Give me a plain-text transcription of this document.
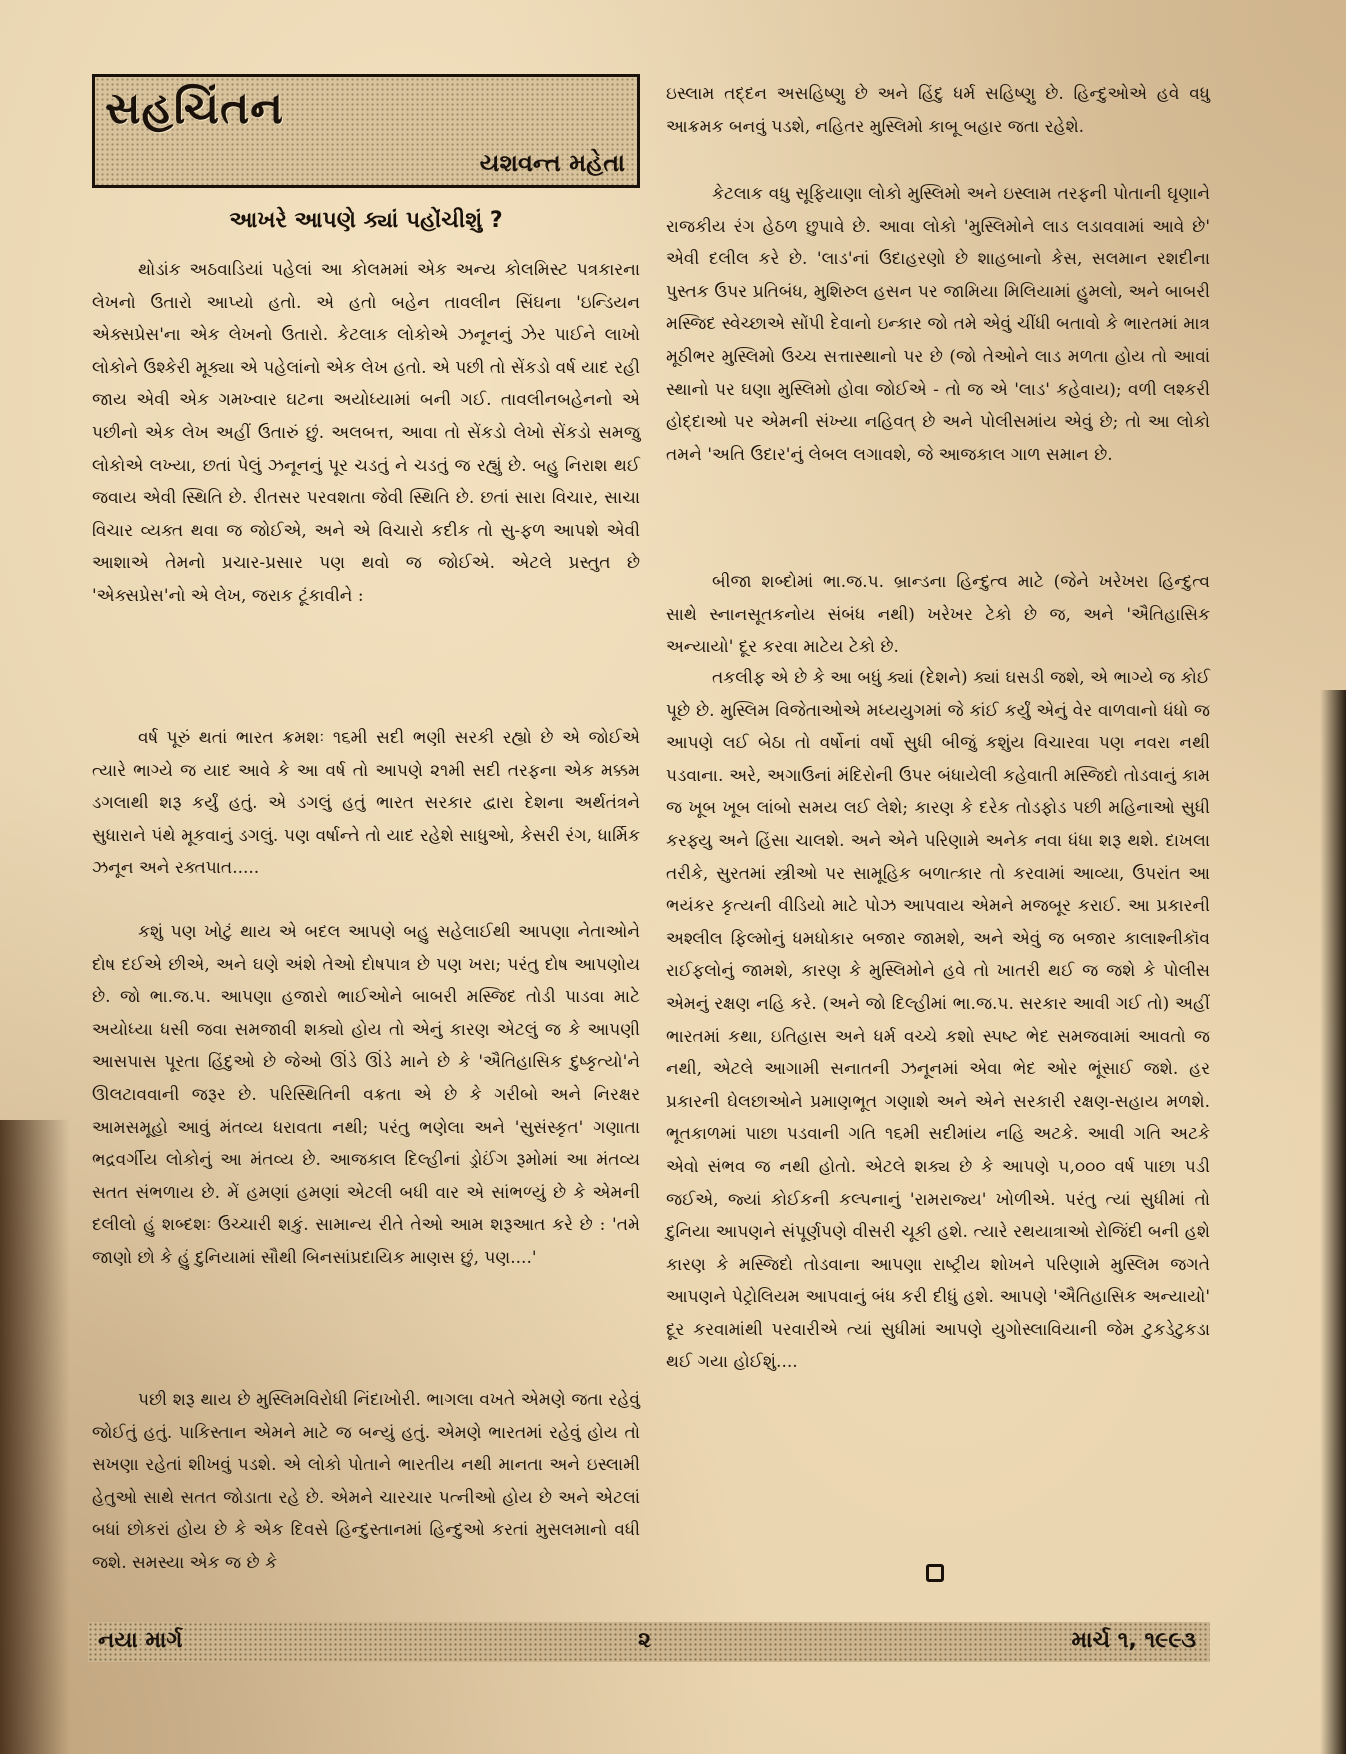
સહચિંતન
યશવન્ત મહેતા
આખરે આપણે ક્યાં પહોંચીશું ?

થોડાંક અઠવાડિયાં પહેલાં આ કોલમમાં એક અન્ય કોલમિસ્ટ પત્રકારના લેખનો ઉતારો આપ્યો હતો. એ હતો બહેન તાવલીન સિંઘના 'ઇન્ડિયન એક્સપ્રેસ'ના એક લેખનો ઉતારો. કેટલાક લોકોએ ઝનૂનનું ઝેર પાઈને લાખો લોકોને ઉશ્કેરી મૂક્યા એ પહેલાંનો એક લેખ હતો. એ પછી તો સેંકડો વર્ષ યાદ રહી જાય એવી એક ગમખ્વાર ઘટના અયોધ્યામાં બની ગઈ. તાવલીનબહેનનો એ પછીનો એક લેખ અહીં ઉતારું છું. અલબત્ત, આવા તો સેંકડો લેખો સેંકડો સમજુ લોકોએ લખ્યા, છતાં પેલું ઝનૂનનું પૂર ચડતું ને ચડતું જ રહ્યું છે. બહુ નિરાશ થઈ જવાય એવી સ્થિતિ છે. રીતસર પરવશતા જેવી સ્થિતિ છે. છતાં સારા વિચાર, સાચા વિચાર વ્યક્ત થવા જ જોઈએ, અને એ વિચારો કદીક તો સુ-ફળ આપશે એવી આશાએ તેમનો પ્રચાર-પ્રસાર પણ થવો જ જોઈએ. એટલે પ્રસ્તુત છે 'એક્સપ્રેસ'નો એ લેખ, જરાક ટૂંકાવીને :

વર્ષ પૂરું થતાં ભારત ક્રમશઃ ૧૬મી સદી ભણી સરકી રહ્યો છે એ જોઈએ ત્યારે ભાગ્યે જ યાદ આવે કે આ વર્ષ તો આપણે ૨૧મી સદી તરફના એક મક્કમ ડગલાથી શરૂ કર્યું હતું. એ ડગલું હતું ભારત સરકાર દ્વારા દેશના અર્થતંત્રને સુધારાને પંથે મૂકવાનું ડગલું. પણ વર્ષાન્તે તો યાદ રહેશે સાધુઓ, કેસરી રંગ, ધાર્મિક ઝનૂન અને રક્તપાત.....

કશું પણ ખોટું થાય એ બદલ આપણે બહુ સહેલાઈથી આપણા નેતાઓને દોષ દઈએ છીએ, અને ઘણે અંશે તેઓ દોષપાત્ર છે પણ ખરા; પરંતુ દોષ આપણોય છે. જો ભા.જ.પ. આપણા હજારો ભાઈઓને બાબરી મસ્જિદ તોડી પાડવા માટે અયોધ્યા ધસી જવા સમજાવી શક્યો હોય તો એનું કારણ એટલું જ કે આપણી આસપાસ પૂરતા હિંદુઓ છે જેઓ ઊંડે ઊંડે માને છે કે 'ઐતિહાસિક દુષ્કૃત્યો'ને ઊલટાવવાની જરૂર છે. પરિસ્થિતિની વક્રતા એ છે કે ગરીબો અને નિરક્ષર આમસમૂહો આવું મંતવ્ય ધરાવતા નથી; પરંતુ ભણેલા અને 'સુસંસ્કૃત' ગણાતા ભદ્રવર્ગીય લોકોનું આ મંતવ્ય છે. આજકાલ દિલ્હીનાં ડ્રોઈંગ રૂમોમાં આ મંતવ્ય સતત સંભળાય છે. મેં હમણાં હમણાં એટલી બધી વાર એ સાંભળ્યું છે કે એમની દલીલો હું શબ્દશઃ ઉચ્ચારી શકું. સામાન્ય રીતે તેઓ આમ શરૂઆત કરે છે : 'તમે જાણો છો કે હું દુનિયામાં સૌથી બિનસાંપ્રદાયિક માણસ છું, પણ....'

પછી શરૂ થાય છે મુસ્લિમવિરોધી નિંદાખોરી. ભાગલા વખતે એમણે જતા રહેવું જોઈતું હતું. પાકિસ્તાન એમને માટે જ બન્યું હતું. એમણે ભારતમાં રહેવું હોય તો સખણા રહેતાં શીખવું પડશે. એ લોકો પોતાને ભારતીય નથી માનતા અને ઇસ્લામી હેતુઓ સાથે સતત જોડાતા રહે છે. એમને ચારચાર પત્નીઓ હોય છે અને એટલાં બધાં છોકરાં હોય છે કે એક દિવસે હિન્દુસ્તાનમાં હિન્દુઓ કરતાં મુસલમાનો વધી જશે. સમસ્યા એક જ છે કે

ઇસ્લામ તદ્દન અસહિષ્ણુ છે અને હિંદુ ધર્મ સહિષ્ણુ છે. હિન્દુઓએ હવે વધુ આક્રમક બનવું પડશે, નહિતર મુસ્લિમો કાબૂ બહાર જતા રહેશે.

કેટલાક વધુ સૂફિયાણા લોકો મુસ્લિમો અને ઇસ્લામ તરફની પોતાની ઘૃણાને રાજકીય રંગ હેઠળ છુપાવે છે. આવા લોકો 'મુસ્લિમોને લાડ લડાવવામાં આવે છે' એવી દલીલ કરે છે. 'લાડ'નાં ઉદાહરણો છે શાહબાનો કેસ, સલમાન રશદીના પુસ્તક ઉપર પ્રતિબંધ, મુશિરુલ હસન પર જામિયા મિલિયામાં હુમલો, અને બાબરી મસ્જિદ સ્વેચ્છાએ સોંપી દેવાનો ઇન્કાર જો તમે એવું ચીંધી બતાવો કે ભારતમાં માત્ર મૂઠીભર મુસ્લિમો ઉચ્ચ સત્તાસ્થાનો પર છે (જો તેઓને લાડ મળતા હોય તો આવાં સ્થાનો પર ઘણા મુસ્લિમો હોવા જોઈએ - તો જ એ 'લાડ' કહેવાય); વળી લશ્કરી હોદ્દાઓ પર એમની સંખ્યા નહિવત્ છે અને પોલીસમાંય એવું છે; તો આ લોકો તમને 'અતિ ઉદાર'નું લેબલ લગાવશે, જે આજકાલ ગાળ સમાન છે.

બીજા શબ્દોમાં ભા.જ.પ. બ્રાન્ડના હિન્દુત્વ માટે (જેને ખરેખરા હિન્દુત્વ સાથે સ્નાનસૂતકનોય સંબંધ નથી) ખરેખર ટેકો છે જ, અને 'ઐતિહાસિક અન્યાયો' દૂર કરવા માટેય ટેકો છે.

તકલીફ એ છે કે આ બધું ક્યાં (દેશને) ક્યાં ઘસડી જશે, એ ભાગ્યે જ કોઈ પૂછે છે. મુસ્લિમ વિજેતાઓએ મધ્યયુગમાં જે કાંઈ કર્યું એનું વેર વાળવાનો ધંધો જ આપણે લઈ બેઠા તો વર્ષોનાં વર્ષો સુધી બીજું કશુંય વિચારવા પણ નવરા નથી પડવાના. અરે, અગાઉનાં મંદિરોની ઉપર બંધાયેલી કહેવાતી મસ્જિદો તોડવાનું કામ જ ખૂબ ખૂબ લાંબો સમય લઈ લેશે; કારણ કે દરેક તોડફોડ પછી મહિનાઓ સુધી કરફ્યુ અને હિંસા ચાલશે. અને એને પરિણામે અનેક નવા ધંધા શરૂ થશે. દાખલા તરીકે, સુરતમાં સ્ત્રીઓ પર સામૂહિક બળાત્કાર તો કરવામાં આવ્યા, ઉપરાંત આ ભયંકર કૃત્યની વીડિયો માટે પોઝ આપવાય એમને મજબૂર કરાઈ. આ પ્રકારની અશ્લીલ ફિલ્મોનું ધમધોકાર બજાર જામશે, અને એવું જ બજાર કાલાશ્નીકૉવ રાઈફલોનું જામશે, કારણ કે મુસ્લિમોને હવે તો ખાતરી થઈ જ જશે કે પોલીસ એમનું રક્ષણ નહિ કરે. (અને જો દિલ્હીમાં ભા.જ.પ. સરકાર આવી ગઈ તો) અહીં ભારતમાં કથા, ઇતિહાસ અને ધર્મ વચ્ચે કશો સ્પષ્ટ ભેદ સમજવામાં આવતો જ નથી, એટલે આગામી સનાતની ઝનૂનમાં એવા ભેદ ઓર ભૂંસાઈ જશે. હર પ્રકારની ઘેલછાઓને પ્રમાણભૂત ગણાશે અને એને સરકારી રક્ષણ-સહાય મળશે. ભૂતકાળમાં પાછા પડવાની ગતિ ૧૬મી સદીમાંય નહિ અટકે. આવી ગતિ અટકે એવો સંભવ જ નથી હોતો. એટલે શક્ય છે કે આપણે ૫,૦૦૦ વર્ષ પાછા પડી જઈએ, જ્યાં કોઈકની કલ્પનાનું 'રામરાજ્ય' ખોળીએ. પરંતુ ત્યાં સુધીમાં તો દુનિયા આપણને સંપૂર્ણપણે વીસરી ચૂકી હશે. ત્યારે રથયાત્રાઓ રોજિંદી બની હશે કારણ કે મસ્જિદો તોડવાના આપણા રાષ્ટ્રીય શોખને પરિણામે મુસ્લિમ જગતે આપણને પેટ્રોલિયમ આપવાનું બંધ કરી દીધું હશે. આપણે 'ઐતિહાસિક અન્યાયો' દૂર કરવામાંથી પરવારીએ ત્યાં સુધીમાં આપણે યુગોસ્લાવિયાની જેમ ટુકડેટુકડા થઈ ગયા હોઈશું....

નયા માર્ગ	૨	માર્ચ ૧, ૧૯૯૩
